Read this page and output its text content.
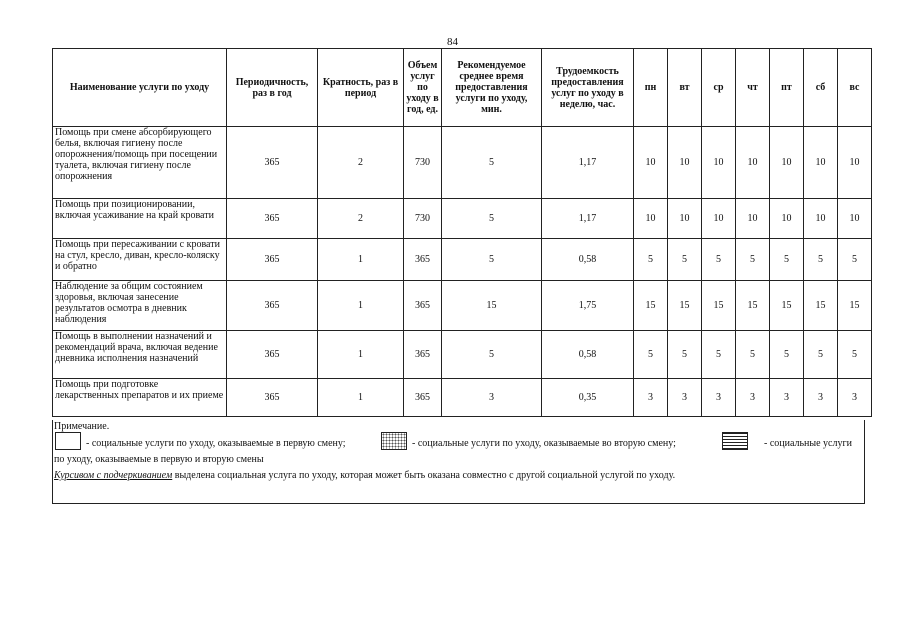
84
Наименование услуги по уходу	Периодичность, раз в год	Кратность, раз в период	Объем услуг по уходу в год, ед.	Рекомендуемое среднее время предоставления услуги по уходу, мин.	Трудоемкость предоставления услуг по уходу в неделю, час.	пн	вт	ср	чт	пт	сб	вс
Помощь при смене абсорбирующего белья, включая гигиену после опорожнения/помощь при посещении туалета, включая гигиену после опорожнения	365	2	730	5	1,17	10	10	10	10	10	10	10
Помощь при позиционировании, включая усаживание на край кровати	365	2	730	5	1,17	10	10	10	10	10	10	10
Помощь при пересаживании с кровати на стул, кресло, диван, кресло-коляску и обратно	365	1	365	5	0,58	5	5	5	5	5	5	5
Наблюдение за общим состоянием здоровья, включая занесение результатов осмотра в дневник наблюдения	365	1	365	15	1,75	15	15	15	15	15	15	15
Помощь в выполнении назначений и рекомендаций врача, включая ведение дневника исполнения назначений	365	1	365	5	0,58	5	5	5	5	5	5	5
Помощь при подготовке лекарственных препаратов и их приеме	365	1	365	3	0,35	3	3	3	3	3	3	3
Примечание.
- социальные услуги по уходу, оказываемые в первую смену;	- социальные услуги по уходу, оказываемые во вторую смену;	- социальные услуги
по уходу, оказываемые в первую и вторую смены
Курсивом с подчеркиванием выделена социальная услуга по уходу, которая может быть оказана совместно с другой социальной услугой по уходу.
